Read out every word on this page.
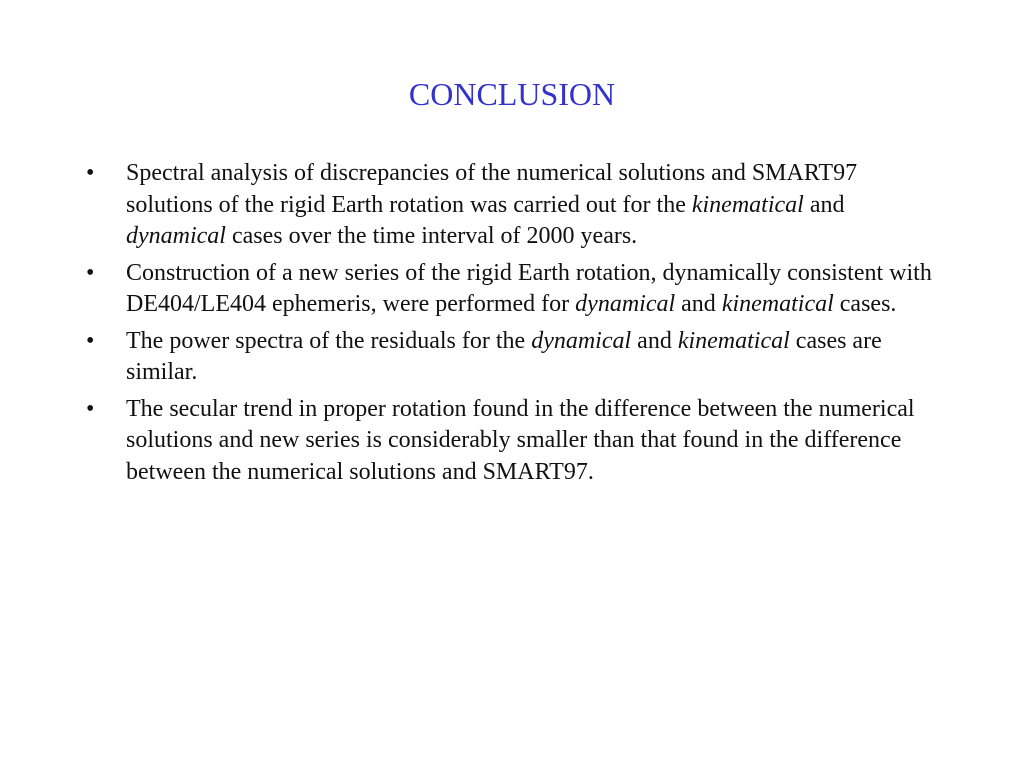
CONCLUSION
•	Spectral analysis of discrepancies of the numerical solutions and SMART97 solutions of the rigid Earth rotation was carried out for the kinematical and dynamical cases over the time interval of 2000 years.
•	Construction of a new series of the rigid Earth rotation, dynamically consistent with DE404/LE404 ephemeris, were performed for dynamical and kinematical cases.
•	The power spectra of the residuals for the dynamical and kinematical cases are similar.
•	The secular trend in proper rotation found in the difference between the numerical solutions and new series is considerably smaller than that found in the difference between the numerical solutions and SMART97.
